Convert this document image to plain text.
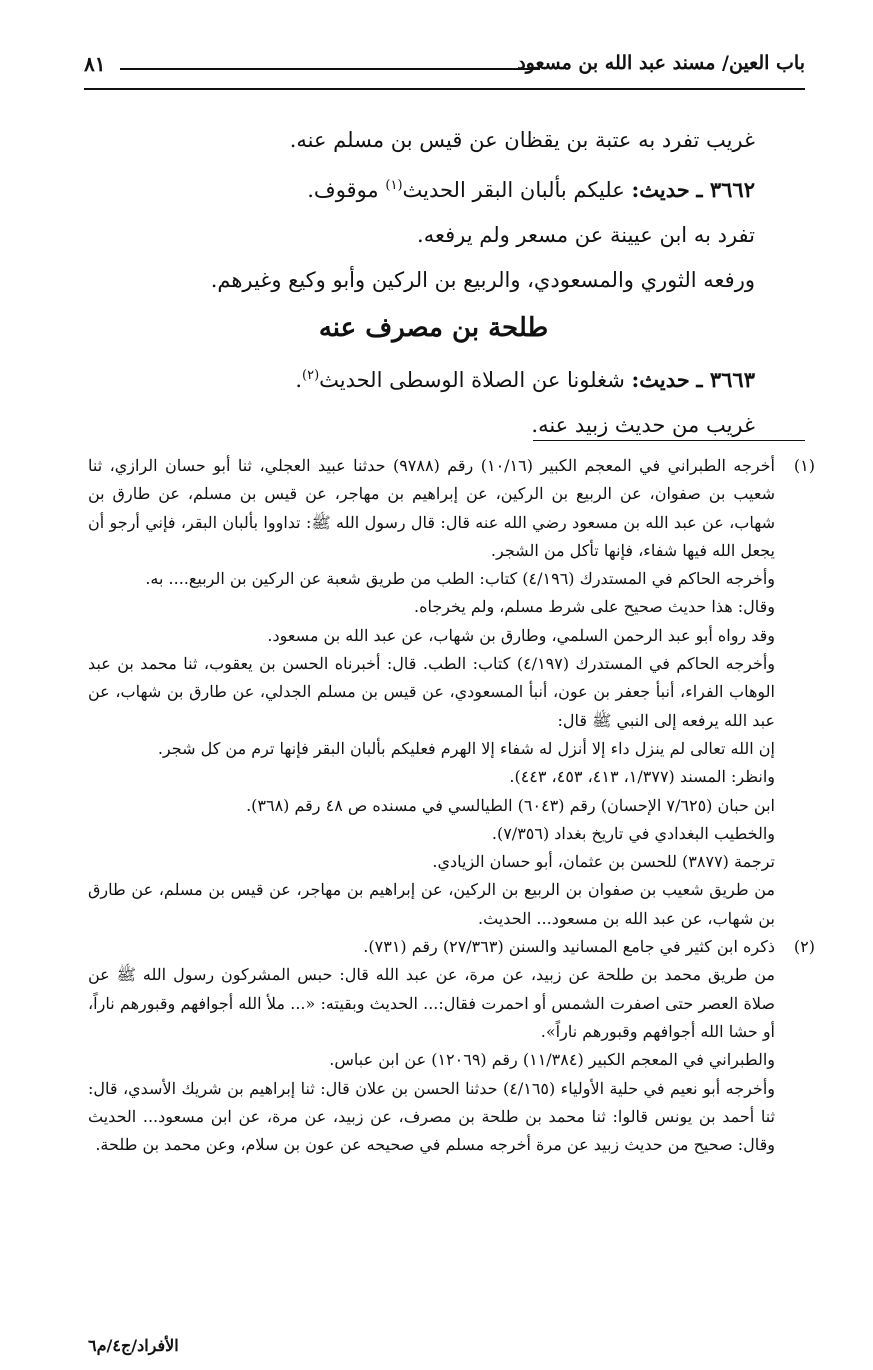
باب العين/ مسند عبد الله بن مسعود
٨١

غريب تفرد به عتبة بن يقظان عن قيس بن مسلم عنه.

٣٦٦٢ ـ حديث: عليكم بألبان البقر الحديث$^{(١)}$ موقوف.

تفرد به ابن عيينة عن مسعر ولم يرفعه.

ورفعه الثوري والمسعودي، والربيع بن الركين وأبو وكيع وغيرهم.

طلحة بن مصرف عنه

٣٦٦٣ ـ حديث: شغلونا عن الصلاة الوسطى الحديث$^{(٢)}$.

غريب من حديث زبيد عنه.

(١)

أخرجه الطبراني في المعجم الكبير (١٠/١٦) رقم (٩٧٨٨) حدثنا عبيد العجلي، ثنا أبو حسان الرازي، ثنا شعيب بن صفوان، عن الربيع بن الركين، عن إبراهيم بن مهاجر، عن قيس بن مسلم، عن طارق بن شهاب، عن عبد الله بن مسعود رضي الله عنه قال: قال رسول الله ﷺ: تداووا بألبان البقر، فإني أرجو أن يجعل الله فيها شفاء، فإنها تأكل من الشجر.

وأخرجه الحاكم في المستدرك (٤/١٩٦) كتاب: الطب من طريق شعبة عن الركين بن الربيع.... به.

وقال: هذا حديث صحيح على شرط مسلم، ولم يخرجاه.

وقد رواه أبو عبد الرحمن السلمي، وطارق بن شهاب، عن عبد الله بن مسعود.

وأخرجه الحاكم في المستدرك (٤/١٩٧) كتاب: الطب. قال: أخبرناه الحسن بن يعقوب، ثنا محمد بن عبد الوهاب الفراء، أنبأ جعفر بن عون، أنبأ المسعودي، عن قيس بن مسلم الجدلي، عن طارق بن شهاب، عن عبد الله يرفعه إلى النبي ﷺ قال:

إن الله تعالى لم ينزل داء إلا أنزل له شفاء إلا الهرم فعليكم بألبان البقر فإنها ترم من كل شجر.

وانظر: المسند (١/٣٧٧، ٤١٣، ٤٥٣، ٤٤٣).

ابن حبان (٧/٦٢٥ الإحسان) رقم (٦٠٤٣) الطيالسي في مسنده ص ٤٨ رقم (٣٦٨).

والخطيب البغدادي في تاريخ بغداد (٧/٣٥٦).

ترجمة (٣٨٧٧) للحسن بن عثمان، أبو حسان الزيادي.

من طريق شعيب بن صفوان بن الربيع بن الركين، عن إبراهيم بن مهاجر، عن قيس بن مسلم، عن طارق بن شهاب، عن عبد الله بن مسعود... الحديث.

(٢)

ذكره ابن كثير في جامع المسانيد والسنن (٢٧/٣٦٣) رقم (٧٣١).

من طريق محمد بن طلحة عن زبيد، عن مرة، عن عبد الله قال: حبس المشركون رسول الله ﷺ عن صلاة العصر حتى اصفرت الشمس أو احمرت فقال:... الحديث وبقيته: «... ملأ الله أجوافهم وقبورهم ناراً، أو حشا الله أجوافهم وقبورهم ناراً».

والطبراني في المعجم الكبير (١١/٣٨٤) رقم (١٢٠٦٩) عن ابن عباس.

وأخرجه أبو نعيم في حلية الأولياء (٤/١٦٥) حدثنا الحسن بن علان قال: ثنا إبراهيم بن شريك الأسدي، قال: ثنا أحمد بن يونس قالوا: ثنا محمد بن طلحة بن مصرف، عن زبيد، عن مرة، عن ابن مسعود... الحديث وقال: صحيح من حديث زبيد عن مرة أخرجه مسلم في صحيحه عن عون بن سلام، وعن محمد بن طلحة.

الأفراد/ج٤/م٦
